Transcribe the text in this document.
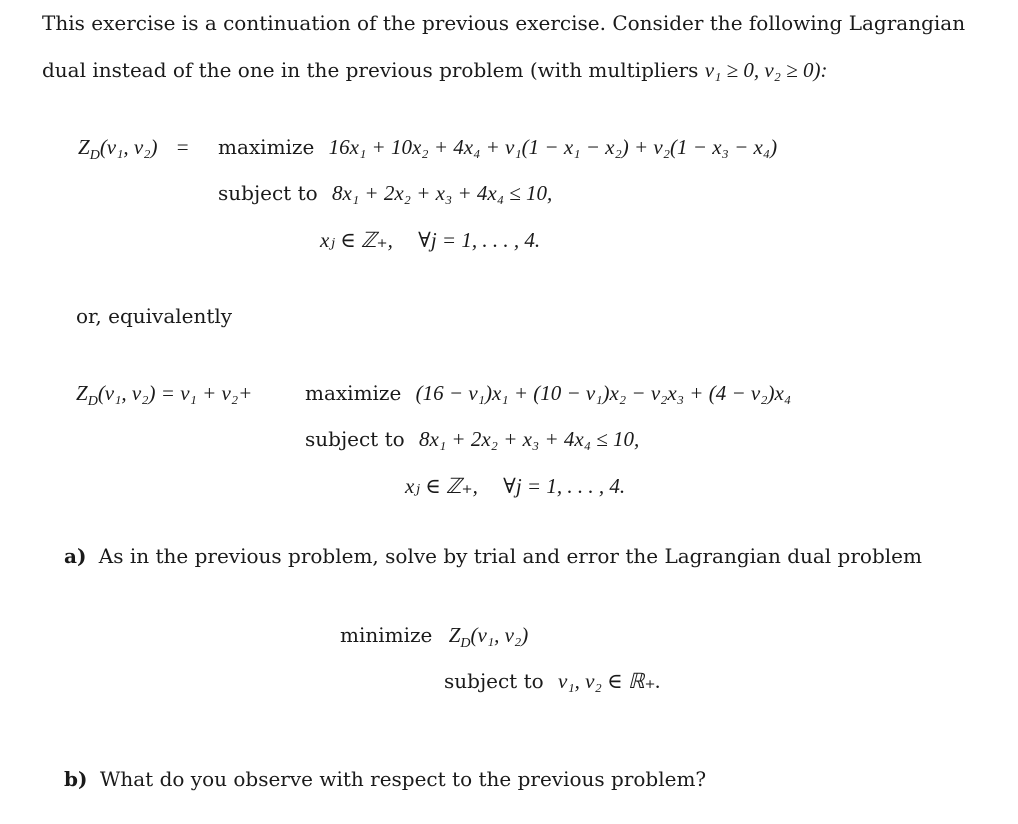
This exercise is a continuation of the previous exercise. Consider the following Lagrangian
dual instead of the one in the previous problem (with multipliers v₁ ≥ 0, v₂ ≥ 0):
$Z_D(v_1$, v₂) = maximize 16x₁ + 10x₂ + 4x₄ + v₁(1 − x₁ − x₂) + v₂(1 − x₃ − x₄)
subject to 8x₁ + 2x₂ + x₃ + 4x₄ ≤ 10,
xⱼ ∈ ℤ₊, ∀j = 1, . . . , 4.
or, equivalently
$Z_D(v_1$, v₂) = v₁ + v₂+	maximize (16 − v₁)x₁ + (10 − v₁)x₂ − v₂x₃ + (4 − v₂)x₄
subject to 8x₁ + 2x₂ + x₃ + 4x₄ ≤ 10,
xⱼ ∈ ℤ₊, ∀j = 1, . . . , 4.
a) As in the previous problem, solve by trial and error the Lagrangian dual problem
minimize $Z_D(v_1$, v₂)
subject to v₁, v₂ ∈ ℝ₊.
b) What do you observe with respect to the previous problem?
